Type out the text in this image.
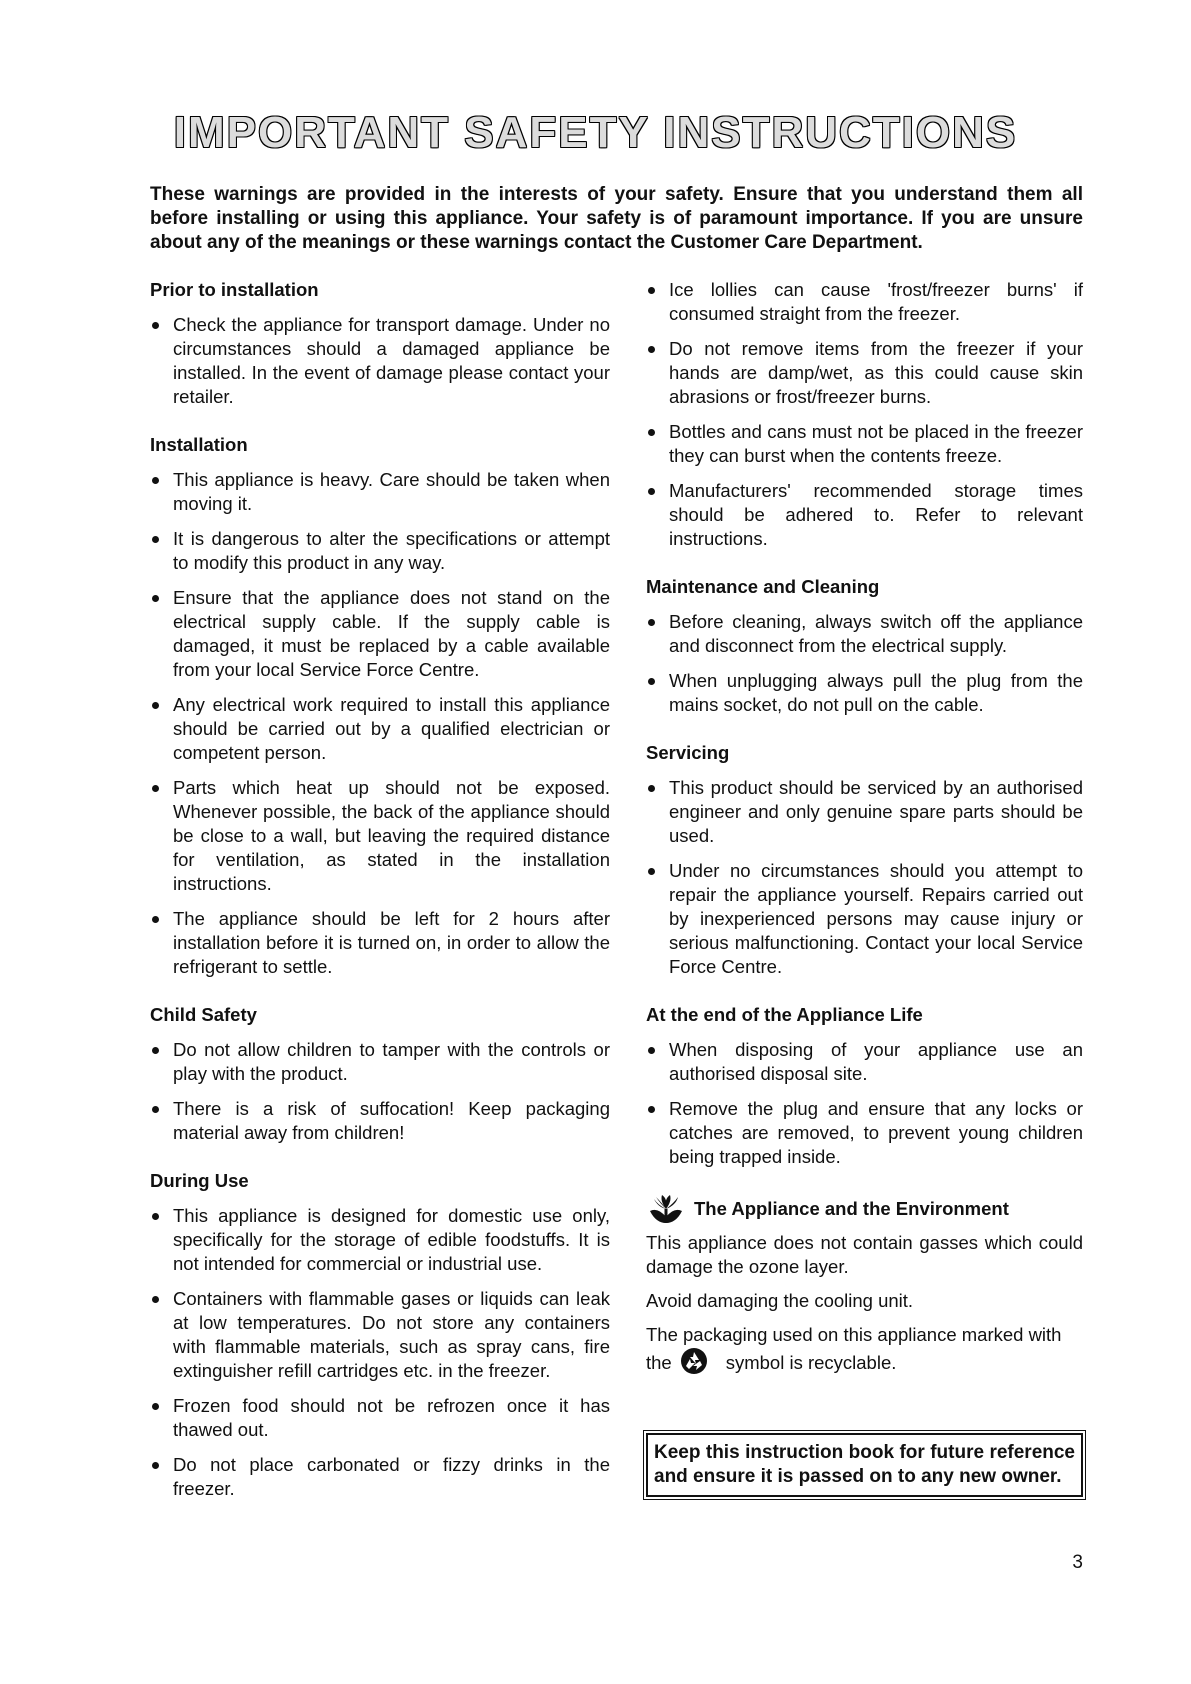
IMPORTANT SAFETY INSTRUCTIONS

These warnings are provided in the interests of your safety. Ensure that you understand them all before installing or using this appliance. Your safety is of paramount importance. If you are unsure about any of the meanings or these warnings contact the Customer Care Department.

Prior to installation
Check the appliance for transport damage. Under no circumstances should a damaged appliance be installed. In the event of damage please contact your retailer.
Installation
This appliance is heavy. Care should be taken when moving it.
It is dangerous to alter the specifications or attempt to modify this product in any way.
Ensure that the appliance does not stand on the electrical supply cable. If the supply cable is damaged, it must be replaced by a cable available from your local Service Force Centre.
Any electrical work required to install this appliance should be carried out by a qualified electrician or competent person.
Parts which heat up should not be exposed. Whenever possible, the back of the appliance should be close to a wall, but leaving the required distance for ventilation, as stated in the installation instructions.
The appliance should be left for 2 hours after installation before it is turned on, in order to allow the refrigerant to settle.
Child Safety
Do not allow children to tamper with the controls or play with the product.
There is a risk of suffocation! Keep packaging material away from children!
During Use
This appliance is designed for domestic use only, specifically for the storage of edible foodstuffs. It is not intended for commercial or industrial use.
Containers with flammable gases or liquids can leak at low temperatures. Do not store any containers with flammable materials, such as spray cans, fire extinguisher refill cartridges etc. in the freezer.
Frozen food should not be refrozen once it has thawed out.
Do not place carbonated or fizzy drinks in the freezer.
Ice lollies can cause 'frost/freezer burns' if consumed straight from the freezer.
Do not remove items from the freezer if your hands are damp/wet, as this could cause skin abrasions or frost/freezer burns.
Bottles and cans must not be placed in the freezer they can burst when the contents freeze.
Manufacturers' recommended storage times should be adhered to. Refer to relevant instructions.
Maintenance and Cleaning
Before cleaning, always switch off the appliance and disconnect from the electrical supply.
When unplugging always pull the plug from the mains socket, do not pull on the cable.
Servicing
This product should be serviced by an authorised engineer and only genuine spare parts should be used.
Under no circumstances should you attempt to repair the appliance yourself. Repairs carried out by inexperienced persons may cause injury or serious malfunctioning. Contact your local Service Force Centre.
At the end of the Appliance Life
When disposing of your appliance use an authorised disposal site.
Remove the plug and ensure that any locks or catches are removed, to prevent young children being trapped inside.
The Appliance and the Environment

This appliance does not contain gasses which could damage the ozone layer.

Avoid damaging the cooling unit.

The packaging used on this appliance marked with the	symbol is recyclable.

Keep this instruction book for future reference and ensure it is passed on to any new owner.
3
